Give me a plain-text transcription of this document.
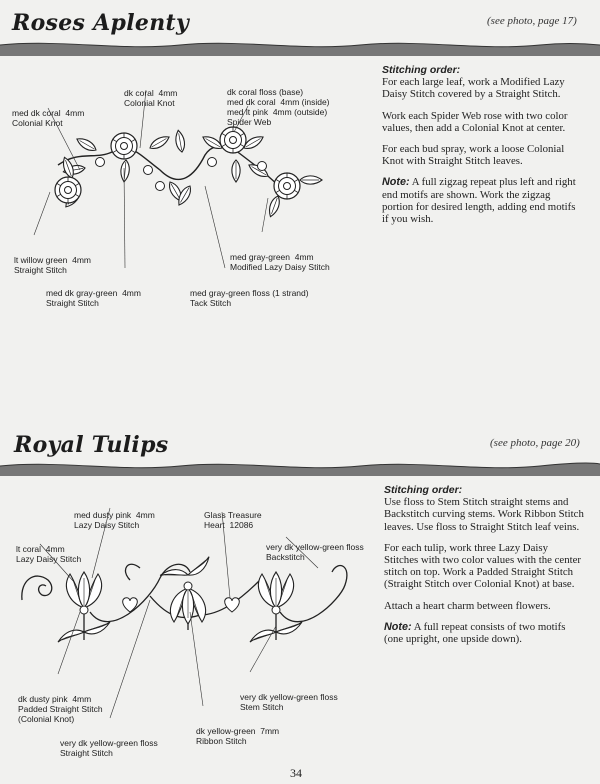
Roses Aplenty	(see photo, page 17)

med dk coral  4mm
Colonial Knot

dk coral  4mm
Colonial Knot

dk coral floss (base)
med dk coral  4mm (inside)
med lt pink  4mm (outside)
Spider Web

lt willow green  4mm
Straight Stitch

med dk gray-green  4mm
Straight Stitch

med gray-green floss (1 strand)
Tack Stitch

med gray-green  4mm
Modified Lazy Daisy Stitch

Stitching order:

For each large leaf, work a Modified Lazy Daisy Stitch covered by a Straight Stitch.

Work each Spider Web rose with two color values, then add a Colonial Knot at center.

For each bud spray, work a loose Colonial Knot with Straight Stitch leaves.

Note: A full zigzag repeat plus left and right end motifs are shown. Work the zigzag portion for desired length, adding end motifs if you wish.

Royal Tulips	(see photo, page 20)

med dusty pink  4mm
Lazy Daisy Stitch

Glass Treasure
Heart  12086

lt coral  4mm
Lazy Daisy Stitch

very dk yellow-green floss
Backstitch

dk dusty pink  4mm
Padded Straight Stitch
(Colonial Knot)

very dk yellow-green floss
Stem Stitch

dk yellow-green  7mm
Ribbon Stitch

very dk yellow-green floss
Straight Stitch

Stitching order:

Use floss to Stem Stitch straight stems and Backstitch curving stems. Work Ribbon Stitch leaves. Use floss to Straight Stitch leaf veins.

For each tulip, work three Lazy Daisy Stitches with two color values with the center stitch on top. Work a Padded Straight Stitch (Straight Stitch over Colonial Knot) at base.

Attach a heart charm between flowers.

Note: A full repeat consists of two motifs (one upright, one upside down).

34
